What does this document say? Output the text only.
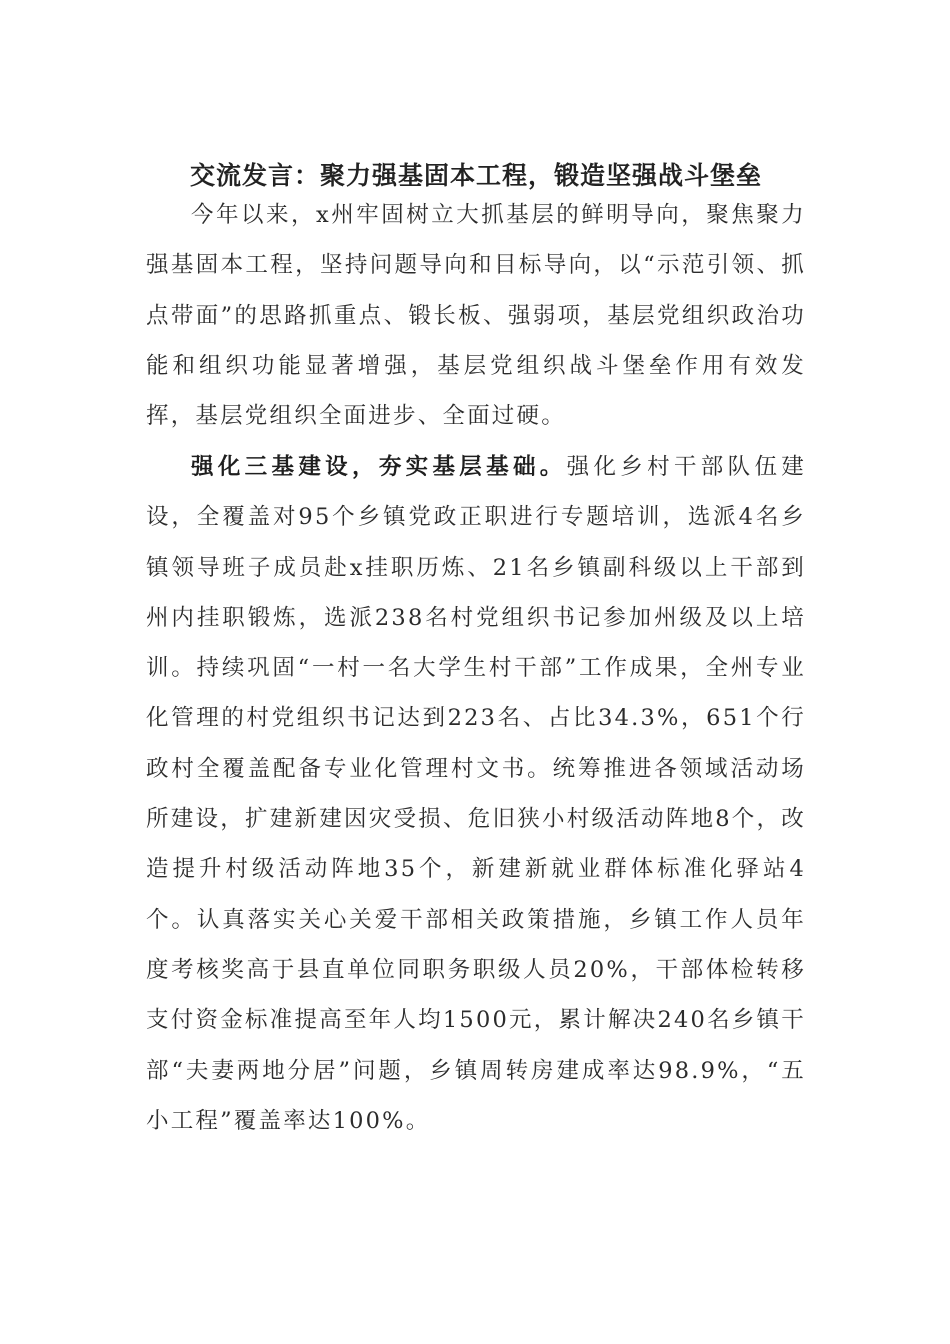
交流发言：聚力强基固本工程，锻造坚强战斗堡垒

今年以来，x州牢固树立大抓基层的鲜明导向，聚焦聚力强基固本工程，坚持问题导向和目标导向，以“示范引领、抓点带面”的思路抓重点、锻长板、强弱项，基层党组织政治功能和组织功能显著增强，基层党组织战斗堡垒作用有效发挥，基层党组织全面进步、全面过硬。

强化三基建设，夯实基层基础。强化乡村干部队伍建设，全覆盖对95个乡镇党政正职进行专题培训，选派4名乡镇领导班子成员赴x挂职历炼、21名乡镇副科级以上干部到州内挂职锻炼，选派238名村党组织书记参加州级及以上培训。持续巩固“一村一名大学生村干部”工作成果，全州专业化管理的村党组织书记达到223名、占比34.3%，651个行政村全覆盖配备专业化管理村文书。统筹推进各领域活动场所建设，扩建新建因灾受损、危旧狭小村级活动阵地8个，改造提升村级活动阵地35个，新建新就业群体标准化驿站4个。认真落实关心关爱干部相关政策措施，乡镇工作人员年度考核奖高于县直单位同职务职级人员20%，干部体检转移支付资金标准提高至年人均1500元，累计解决240名乡镇干部“夫妻两地分居”问题，乡镇周转房建成率达98.9%，“五小工程”覆盖率达100%。
